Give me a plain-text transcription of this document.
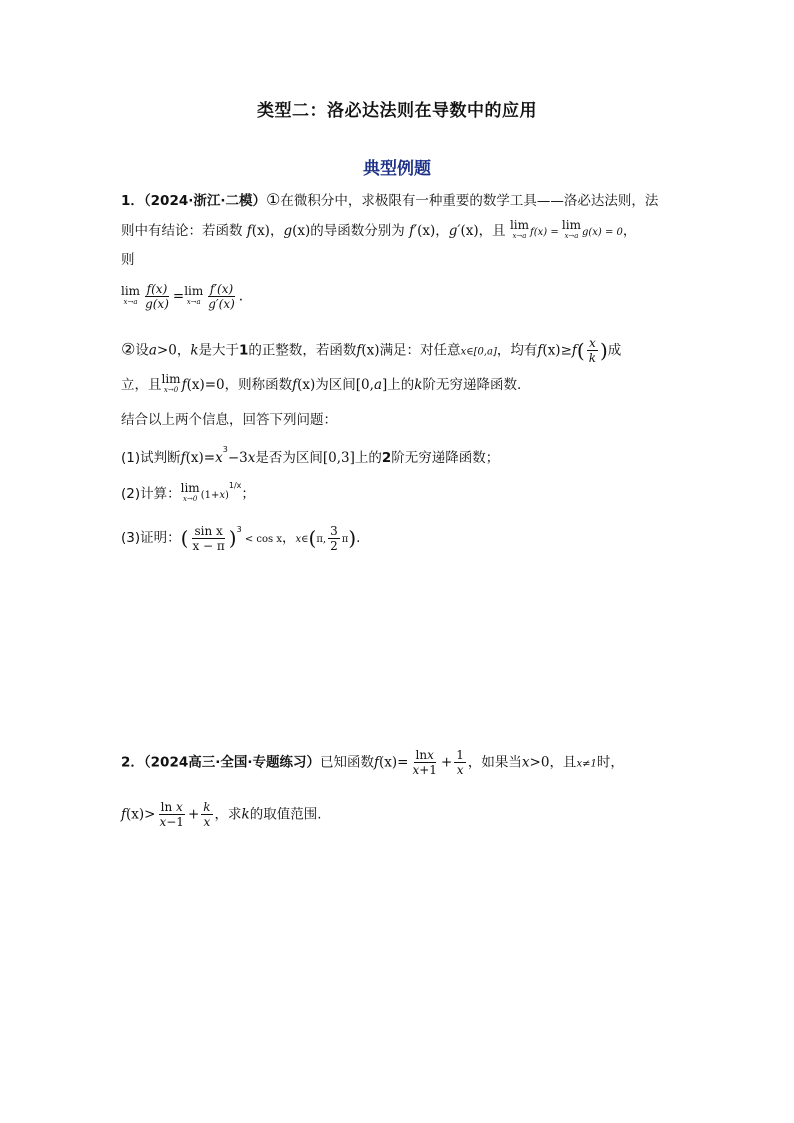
类型二：洛必达法则在导数中的应用
典型例题
1．（2024·浙江·二模）①在微积分中，求极限有一种重要的数学工具——洛必达法则，法
则中有结论：若函数 f(x)，g(x)的导函数分别为 f′(x)，g′(x)，且 lim
x→a f(x) =
lim
x→a g(x) = 0，
则
lim
$x\to a \frac{f(x)}{g(x)} = \lim$
$x\to a \frac{f'(x)}{g'(x)}$ .
②设a>0，k是大于1的正整数，若函数f(x)满足：对任意x∈[0,a]，均有$f(x)\ge f( \frac{x}{k}$ )成
立，且 lim
x→0 f(x)=0，则称函数f(x)为区间[0,a]上的k阶无穷递降函数.
结合以上两个信息，回答下列问题：
(1)试判断$f(x)=x^3-3x$是否为区间[0,3]上的2阶无穷递降函数；
(2)计算： lim
x→0 $(1+x)^{1/x}$；
(3)证明：( $\frac{\text{sin x}}{x - \pi} )^3 < \cos x$，x∈(π, $\frac{3}{2} \pi$).
2．（2024高三·全国·专题练习）已知函数$f(x)= \frac{\ln x}{x+1} + \frac{1}{x}$ ，如果当x>0，且x≠1时，
$f(x)> \frac{\text{ln x}}{x-1} + \frac{k}{x}$ ，求k的取值范围.
